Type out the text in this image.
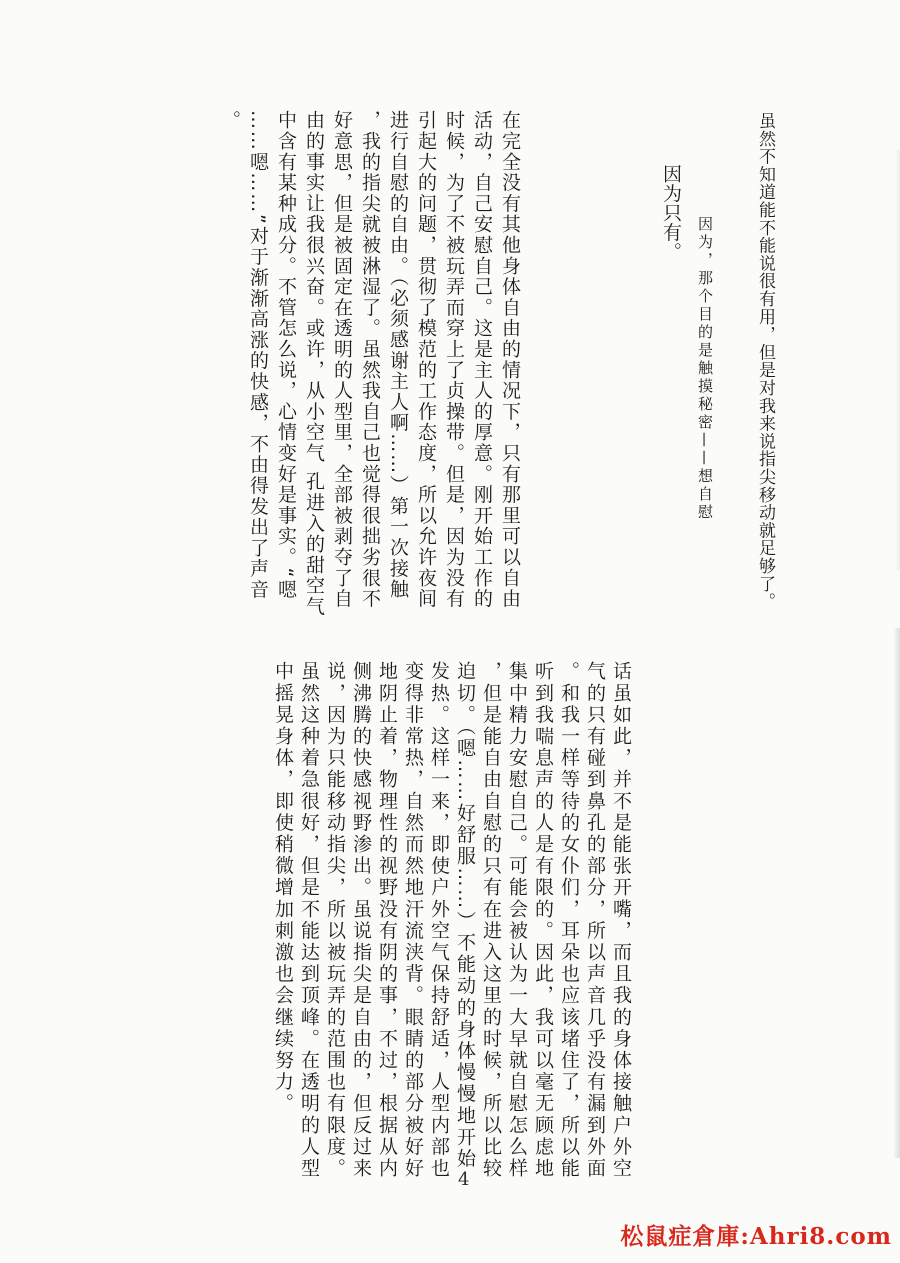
虽然不知道能不能说很有用，但是对我来说指尖移动就足够了。

因为，那个目的是触摸秘密——想自慰

因为只有。

在完全没有其他身体自由的情况下，只有那里可以自由

活动，自己安慰自己。这是主人的厚意。刚开始工作的

时候，为了不被玩弄而穿上了贞操带。但是，因为没有

引起大的问题，贯彻了模范的工作态度，所以允许夜间

进行自慰的自由。（必须感谢主人啊……）第一次接触

，我的指尖就被淋湿了。虽然我自己也觉得很拙劣很不

好意思，但是被固定在透明的人型里，全部被剥夺了自

由的事实让我很兴奋。或许，从小空气 孔进入的甜空气

中含有某种成分。不管怎么说，心情变好是事实。“嗯

……嗯……”对于渐渐高涨的快感，不由得发出了声音

。

话虽如此，并不是能张开嘴，而且我的身体接触户外空

气的只有碰到鼻孔的部分，所以声音几乎没有漏到外面

。和我一样等待的女仆们，耳朵也应该堵住了，所以能

听到我喘息声的人是有限的。因此，我可以毫无顾虑地

集中精力安慰自己。可能会被认为一大早就自慰怎么样

，但是能自由自慰的只有在进入这里的时候，所以比较

迫切。（嗯……好舒服……）不能动的身体慢慢地开始

发热。这样一来，即使户外空气保持舒适，人型内部也

变得非常热，自然而然地汗流浃背。眼睛的部分被好好

地阴止着，物理性的视野没有阴的事，不过，根据从内

侧沸腾的快感视野渗出。虽说指尖是自由的，但反过来

说，因为只能移动指尖，所以被玩弄的范围也有限度。

虽然这种着急很好，但是不能达到顶峰。在透明的人型

中摇晃身体，即使稍微增加刺激也会继续努力。

4
松鼠症倉庫:Ahri8.com
